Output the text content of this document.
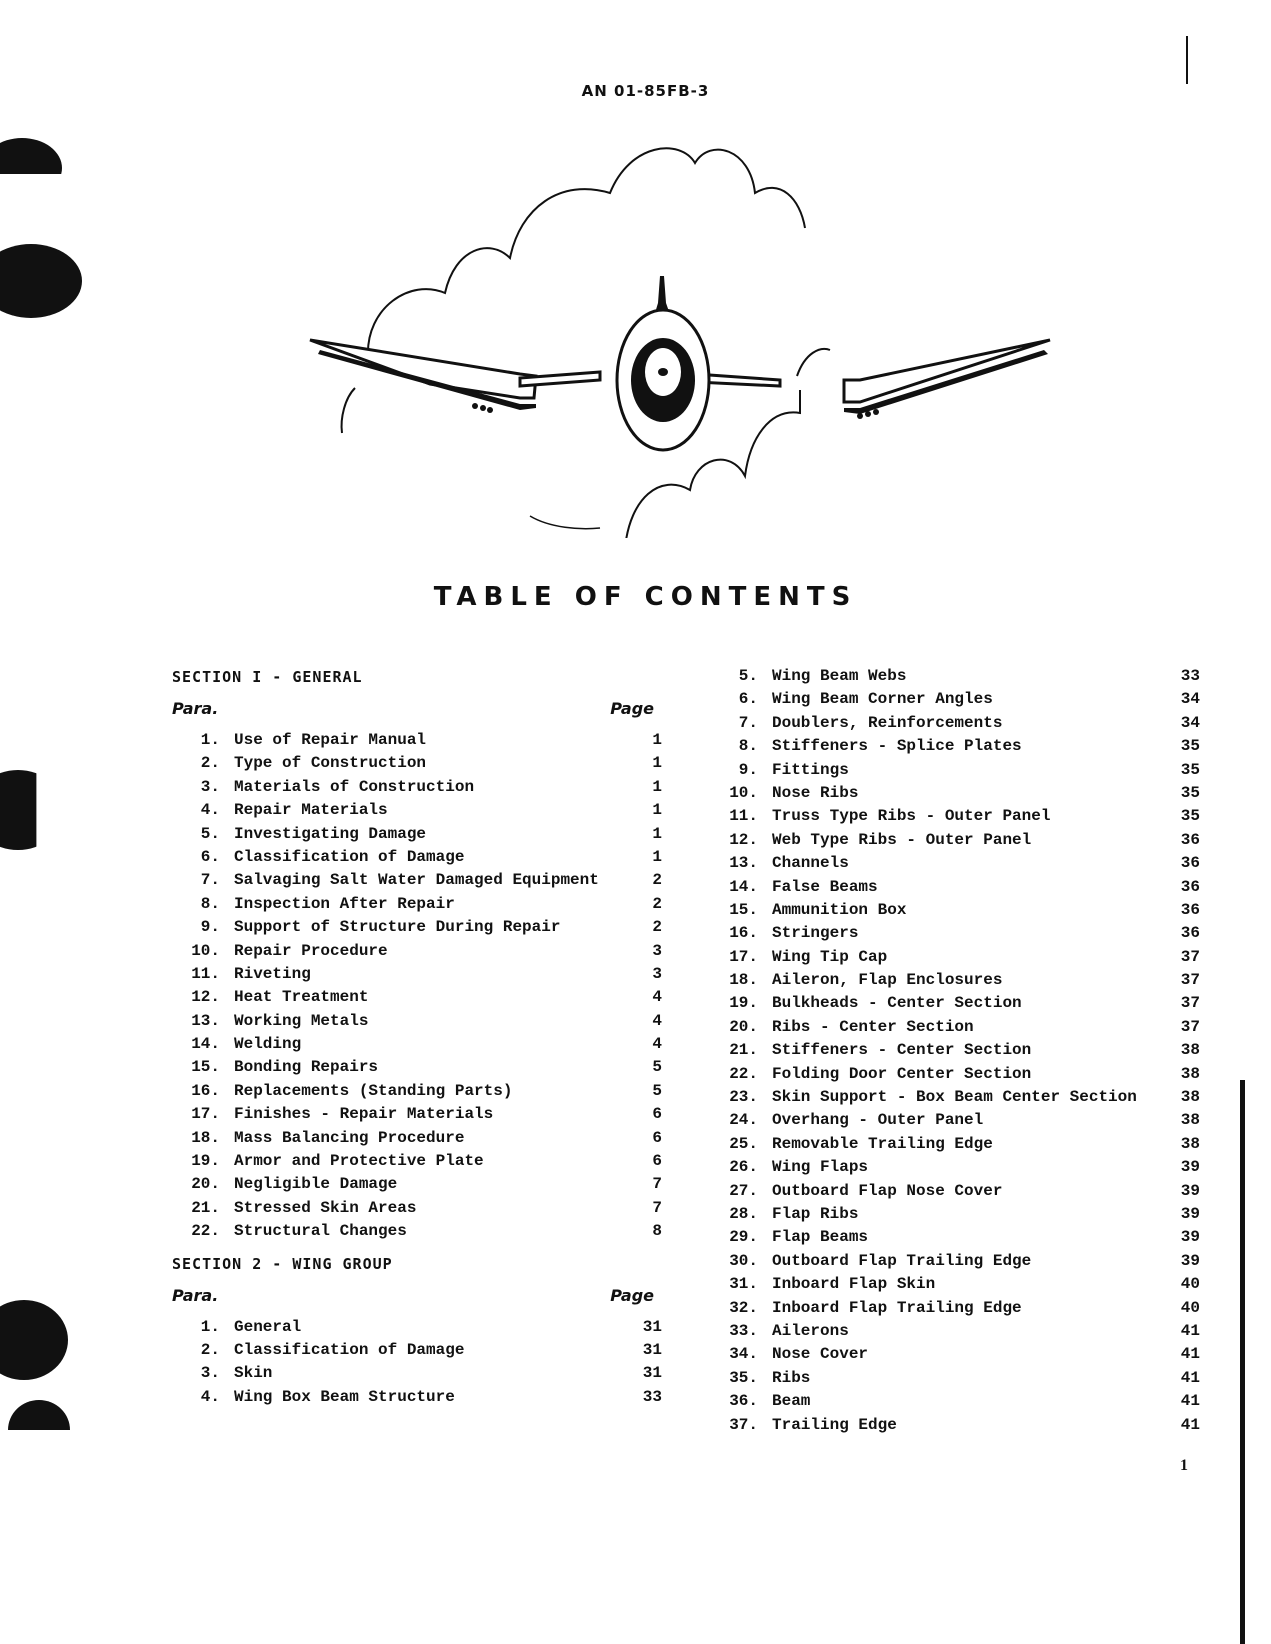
AN 01-85FB-3
TABLE OF CONTENTS
SECTION I - GENERAL
Para.	Page
1. Use of Repair Manual	1
2. Type of Construction	1
3. Materials of Construction	1
4. Repair Materials	1
5. Investigating Damage	1
6. Classification of Damage	1
7. Salvaging Salt Water Damaged Equipment	2
8. Inspection After Repair	2
9. Support of Structure During Repair	2
10. Repair Procedure	3
11. Riveting	3
12. Heat Treatment	4
13. Working Metals	4
14. Welding	4
15. Bonding Repairs	5
16. Replacements (Standing Parts)	5
17. Finishes - Repair Materials	6
18. Mass Balancing Procedure	6
19. Armor and Protective Plate	6
20. Negligible Damage	7
21. Stressed Skin Areas	7
22. Structural Changes	8
SECTION 2 - WING GROUP
Para.	Page
1. General	31
2. Classification of Damage	31
3. Skin	31
4. Wing Box Beam Structure	33
5. Wing Beam Webs	33
6. Wing Beam Corner Angles	34
7. Doublers, Reinforcements	34
8. Stiffeners - Splice Plates	35
9. Fittings	35
10. Nose Ribs	35
11. Truss Type Ribs - Outer Panel	35
12. Web Type Ribs - Outer Panel	36
13. Channels	36
14. False Beams	36
15. Ammunition Box	36
16. Stringers	36
17. Wing Tip Cap	37
18. Aileron, Flap Enclosures	37
19. Bulkheads - Center Section	37
20. Ribs - Center Section	37
21. Stiffeners - Center Section	38
22. Folding Door Center Section	38
23. Skin Support - Box Beam Center Section	38
24. Overhang - Outer Panel	38
25. Removable Trailing Edge	38
26. Wing Flaps	39
27. Outboard Flap Nose Cover	39
28. Flap Ribs	39
29. Flap Beams	39
30. Outboard Flap Trailing Edge	39
31. Inboard Flap Skin	40
32. Inboard Flap Trailing Edge	40
33. Ailerons	41
34. Nose Cover	41
35. Ribs	41
36. Beam	41
37. Trailing Edge	41
1
